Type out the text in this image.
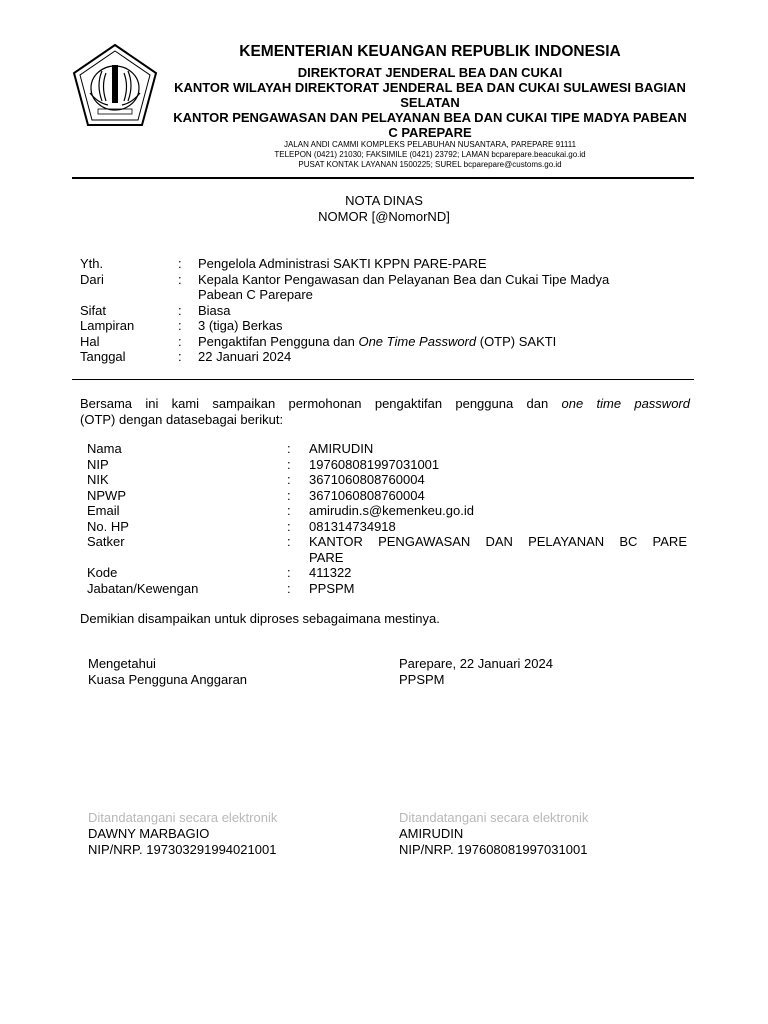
KEMENTERIAN KEUANGAN REPUBLIK INDONESIA
DIREKTORAT JENDERAL BEA DAN CUKAI
KANTOR WILAYAH DIREKTORAT JENDERAL BEA DAN CUKAI SULAWESI BAGIAN SELATAN
KANTOR PENGAWASAN DAN PELAYANAN BEA DAN CUKAI TIPE MADYA PABEAN C PAREPARE
JALAN ANDI CAMMI KOMPLEKS PELABUHAN NUSANTARA, PAREPARE 91111
TELEPON (0421) 21030; FAKSIMILE (0421) 23792; LAMAN bcparepare.beacukai.go.id
PUSAT KONTAK LAYANAN 1500225; SUREL bcparepare@customs.go.id
NOTA DINAS
NOMOR [@NomorND]
Yth.	:	Pengelola Administrasi SAKTI KPPN PARE-PARE
Dari	:	Kepala Kantor Pengawasan dan Pelayanan Bea dan Cukai Tipe Madya
Pabean C Parepare
Sifat	:	Biasa
Lampiran	:	3 (tiga) Berkas
Hal	:	Pengaktifan Pengguna dan One Time Password (OTP) SAKTI
Tanggal	:	22 Januari 2024
Bersama ini kami sampaikan permohonan pengaktifan pengguna dan one time password
(OTP) dengan datasebagai berikut:
Nama	:	AMIRUDIN
NIP	:	197608081997031001
NIK	:	3671060808760004
NPWP	:	3671060808760004
Email	:	amirudin.s@kemenkeu.go.id
No. HP	:	081314734918
Satker	:	KANTOR PENGAWASAN DAN PELAYANAN BC PARE
PARE
Kode	:	411322
Jabatan/Kewengan	:	PPSPM
Demikian disampaikan untuk diproses sebagaimana mestinya.
Mengetahui
Kuasa Pengguna Anggaran
Parepare, 22 Januari 2024
PPSPM
Ditandatangani secara elektronik
DAWNY MARBAGIO
NIP/NRP. 197303291994021001
Ditandatangani secara elektronik
AMIRUDIN
NIP/NRP. 197608081997031001
